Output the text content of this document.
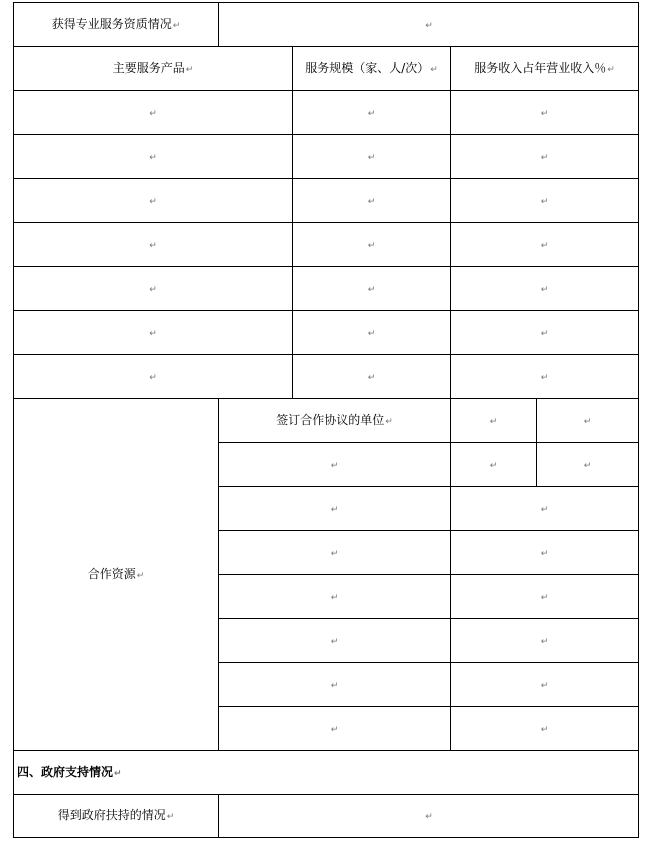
获得专业服务资质情况↵	↵			
主要服务产品↵		服务规模（家、人/次）↵	服务收入占年营业收入％↵	
↵		↵	↵	
↵		↵	↵	
↵		↵	↵	
↵		↵	↵	
↵		↵	↵	
↵		↵	↵	
↵		↵	↵	
合作资源↵	签订合作协议的单位↵		↵	↵
	↵		↵	↵
	↵		↵	
	↵		↵	
	↵		↵	
	↵		↵	
	↵		↵	
	↵		↵	
四、政府支持情况↵				
得到政府扶持的情况↵	↵			
